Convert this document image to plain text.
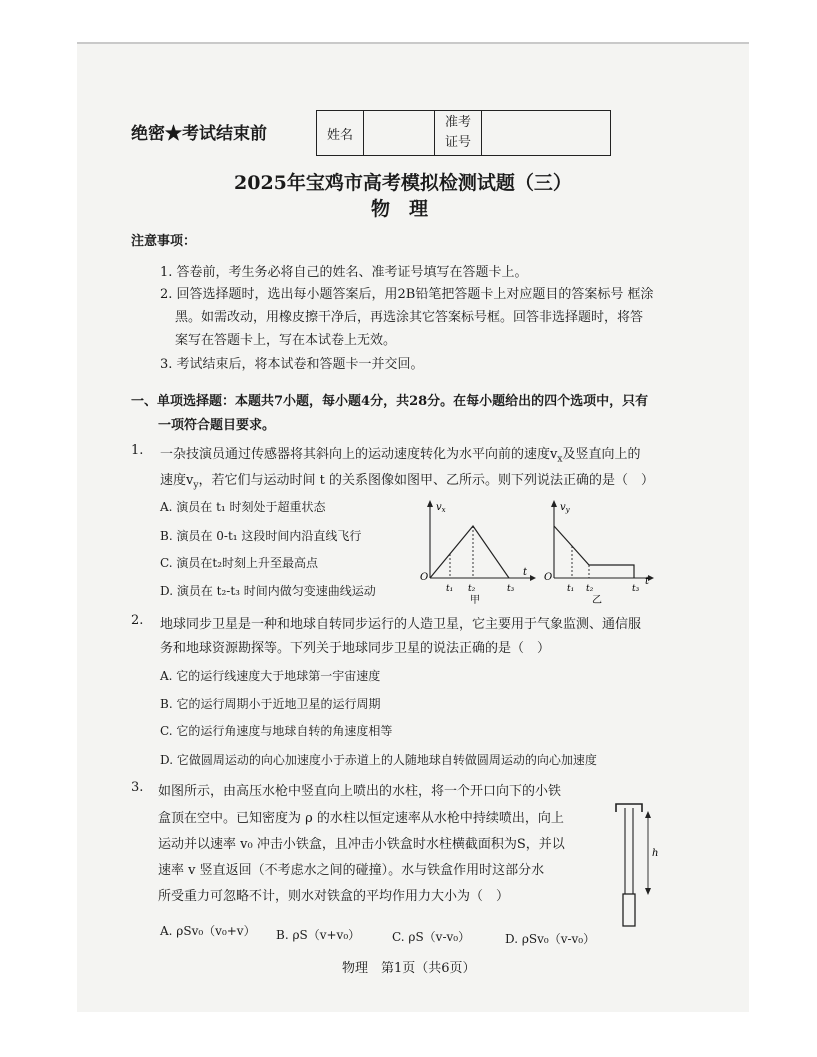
绝密★考试结束前	姓名		准考
证号	
2025年宝鸡市高考模拟检测试题（三）
物　理
注意事项：
1. 答卷前，考生务必将自己的姓名、准考证号填写在答题卡上。
2. 回答选择题时，选出每小题答案后，用2B铅笔把答题卡上对应题目的答案标号 框涂
黑。如需改动，用橡皮擦干净后，再选涂其它答案标号框。回答非选择题时，将答
案写在答题卡上，写在本试卷上无效。
3. 考试结束后，将本试卷和答题卡一并交回。
一、单项选择题：本题共7小题，每小题4分，共28分。在每小题给出的四个选项中，只有
一项符合题目要求。
1. 一杂技演员通过传感器将其斜向上的运动速度转化为水平向前的速度$v_x$及竖直向上的
速度$v_y$，若它们与运动时间 t 的关系图像如图甲、乙所示。则下列说法正确的是（　）
A. 演员在 t₁ 时刻处于超重状态
B. 演员在 0-t₁ 这段时间内沿直线飞行
C. 演员在t₂时刻上升至最高点
D. 演员在 t₂-t₃ 时间内做匀变速曲线运动
$v_x$
O
t₁ t₂	t₃
t
甲
$v_y$
O
t₁ t₂	t₃
t
乙
2. 地球同步卫星是一种和地球自转同步运行的人造卫星，它主要用于气象监测、通信服
务和地球资源勘探等。下列关于地球同步卫星的说法正确的是（　）
A. 它的运行线速度大于地球第一宇宙速度
B. 它的运行周期小于近地卫星的运行周期
C. 它的运行角速度与地球自转的角速度相等
D. 它做圆周运动的向心加速度小于赤道上的人随地球自转做圆周运动的向心加速度
3. 如图所示，由高压水枪中竖直向上喷出的水柱，将一个开口向下的小铁
盒顶在空中。已知密度为 ρ 的水柱以恒定速率从水枪中持续喷出，向上
运动并以速率 v₀ 冲击小铁盒，且冲击小铁盒时水柱横截面积为S，并以
速率 v 竖直返回（不考虑水之间的碰撞）。水与铁盒作用时这部分水
所受重力可忽略不计，则水对铁盒的平均作用力大小为（　）
A. ρSv₀（v₀+v） B. ρS（v+v₀）	C. ρS（v-v₀）	D. ρSv₀（v-v₀）
h
物理　第1页（共6页）
